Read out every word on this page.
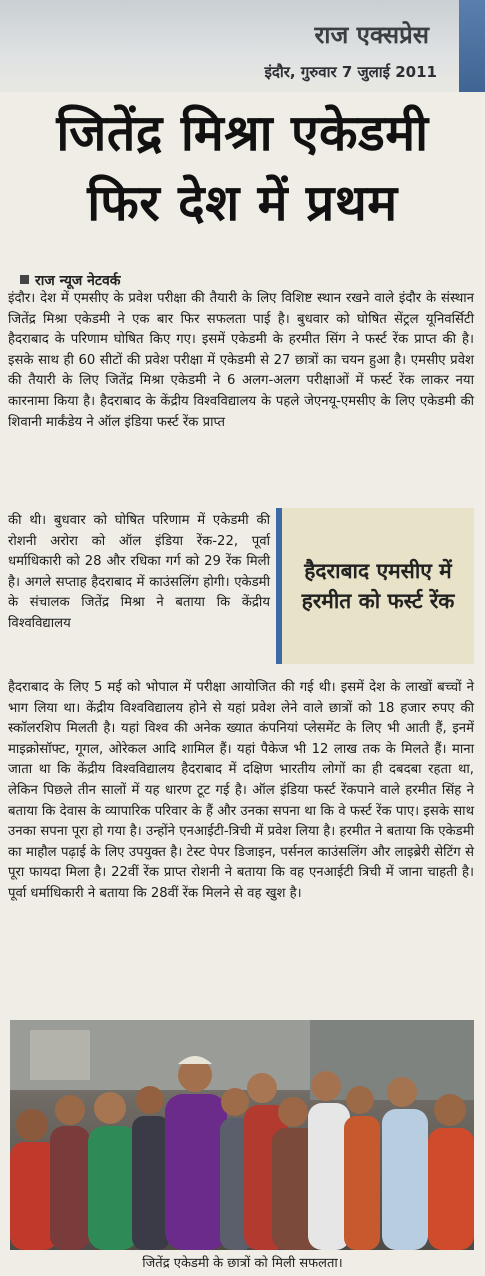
राज एक्सप्रेस
इंदौर, गुरुवार 7 जुलाई 2011
जितेंद्र मिश्रा एकेडमी
फिर देश में प्रथम
राज न्यूज नेटवर्क
इंदौर। देश में एमसीए के प्रवेश परीक्षा की तैयारी के लिए विशिष्ट स्थान रखने वाले इंदौर के संस्थान जितेंद्र मिश्रा एकेडमी ने एक बार फिर सफलता पाई है। बुधवार को घोषित सेंट्रल यूनिवर्सिटी हैदराबाद के परिणाम घोषित किए गए। इसमें एकेडमी के हरमीत सिंग ने फर्स्ट रेंक प्राप्त की है। इसके साथ ही 60 सीटों की प्रवेश परीक्षा में एकेडमी से 27 छात्रों का चयन हुआ है। एमसीए प्रवेश की तैयारी के लिए जितेंद्र मिश्रा एकेडमी ने 6 अलग-अलग परीक्षाओं में फर्स्ट रेंक लाकर नया कारनामा किया है। हैदराबाद के केंद्रीय विश्वविद्यालय के पहले जेएनयू-एमसीए के लिए एकेडमी की शिवानी मार्कंडेय ने ऑल इंडिया फर्स्ट रेंक प्राप्त
की थी। बुधवार को घोषित परिणाम में एकेडमी की रोशनी अरोरा को ऑल इंडिया रेंक-22, पूर्वा धर्माधिकारी को 28 और रधिका गर्ग को 29 रेंक मिली है। अगले सप्ताह हैदराबाद में काउंसलिंग होगी। एकेडमी के संचालक जितेंद्र मिश्रा ने बताया कि केंद्रीय विश्वविद्यालय
हैदराबाद एमसीए में हरमीत को फर्स्ट रेंक
हैदराबाद के लिए 5 मई को भोपाल में परीक्षा आयोजित की गई थी। इसमें देश के लाखों बच्चों ने भाग लिया था। केंद्रीय विश्वविद्यालय होने से यहां प्रवेश लेने वाले छात्रों को 18 हजार रुपए की स्कॉलरशिप मिलती है। यहां विश्व की अनेक ख्यात कंपनियां प्लेसमेंट के लिए भी आती हैं, इनमें माइक्रोसॉफ्ट, गूगल, ओरेकल आदि शामिल हैं। यहां पैकेज भी 12 लाख तक के मिलते हैं। माना जाता था कि केंद्रीय विश्वविद्यालय हैदराबाद में दक्षिण भारतीय लोगों का ही दबदबा रहता था, लेकिन पिछले तीन सालों में यह धारण टूट गई है। ऑल इंडिया फर्स्ट रेंकपाने वाले हरमीत सिंह ने बताया कि देवास के व्यापारिक परिवार के हैं और उनका सपना था कि वे फर्स्ट रेंक पाए। इसके साथ उनका सपना पूरा हो गया है। उन्होंने एनआईटी-त्रिची में प्रवेश लिया है। हरमीत ने बताया कि एकेडमी का माहौल पढ़ाई के लिए उपयुक्त है। टेस्ट पेपर डिजाइन, पर्सनल काउंसलिंग और लाइब्रेरी सेटिंग से पूरा फायदा मिला है। 22वीं रेंक प्राप्त रोशनी ने बताया कि वह एनआईटी त्रिची में जाना चाहती है। पूर्वा धर्माधिकारी ने बताया कि 28वीं रेंक मिलने से वह खुश है।
जितेंद्र एकेडमी के छात्रों को मिली सफलता।
